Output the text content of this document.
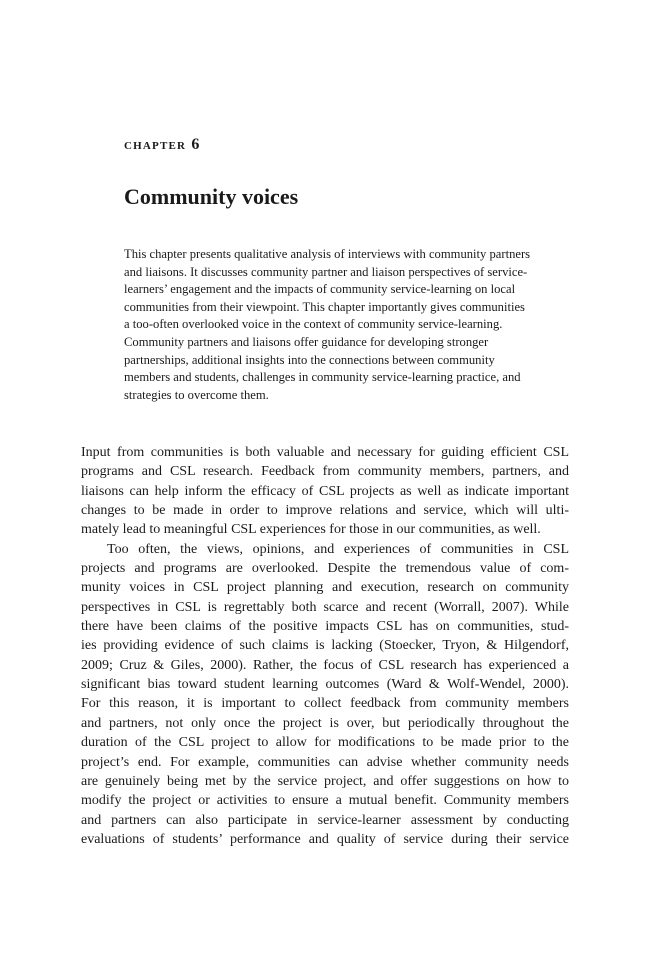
chapter 6
Community voices
This chapter presents qualitative analysis of interviews with community partners
and liaisons. It discusses community partner and liaison perspectives of service-
learners’ engagement and the impacts of community service-learning on local
communities from their viewpoint. This chapter importantly gives communities
a too-often overlooked voice in the context of community service-learning.
Community partners and liaisons offer guidance for developing stronger
partnerships, additional insights into the connections between community
members and students, challenges in community service-learning practice, and
strategies to overcome them.
Input from communities is both valuable and necessary for guiding efficient CSL
programs and CSL research. Feedback from community members, partners, and
liaisons can help inform the efficacy of CSL projects as well as indicate important
changes to be made in order to improve relations and service, which will ulti-
mately lead to meaningful CSL experiences for those in our communities, as well.
Too often, the views, opinions, and experiences of communities in CSL
projects and programs are overlooked. Despite the tremendous value of com-
munity voices in CSL project planning and execution, research on community
perspectives in CSL is regrettably both scarce and recent (Worrall, 2007). While
there have been claims of the positive impacts CSL has on communities, stud-
ies providing evidence of such claims is lacking (Stoecker, Tryon, & Hilgendorf,
2009; Cruz & Giles, 2000). Rather, the focus of CSL research has experienced a
significant bias toward student learning outcomes (Ward & Wolf-Wendel, 2000).
For this reason, it is important to collect feedback from community members
and partners, not only once the project is over, but periodically throughout the
duration of the CSL project to allow for modifications to be made prior to the
project’s end. For example, communities can advise whether community needs
are genuinely being met by the service project, and offer suggestions on how to
modify the project or activities to ensure a mutual benefit. Community members
and partners can also participate in service-learner assessment by conducting
evaluations of students’ performance and quality of service during their service
